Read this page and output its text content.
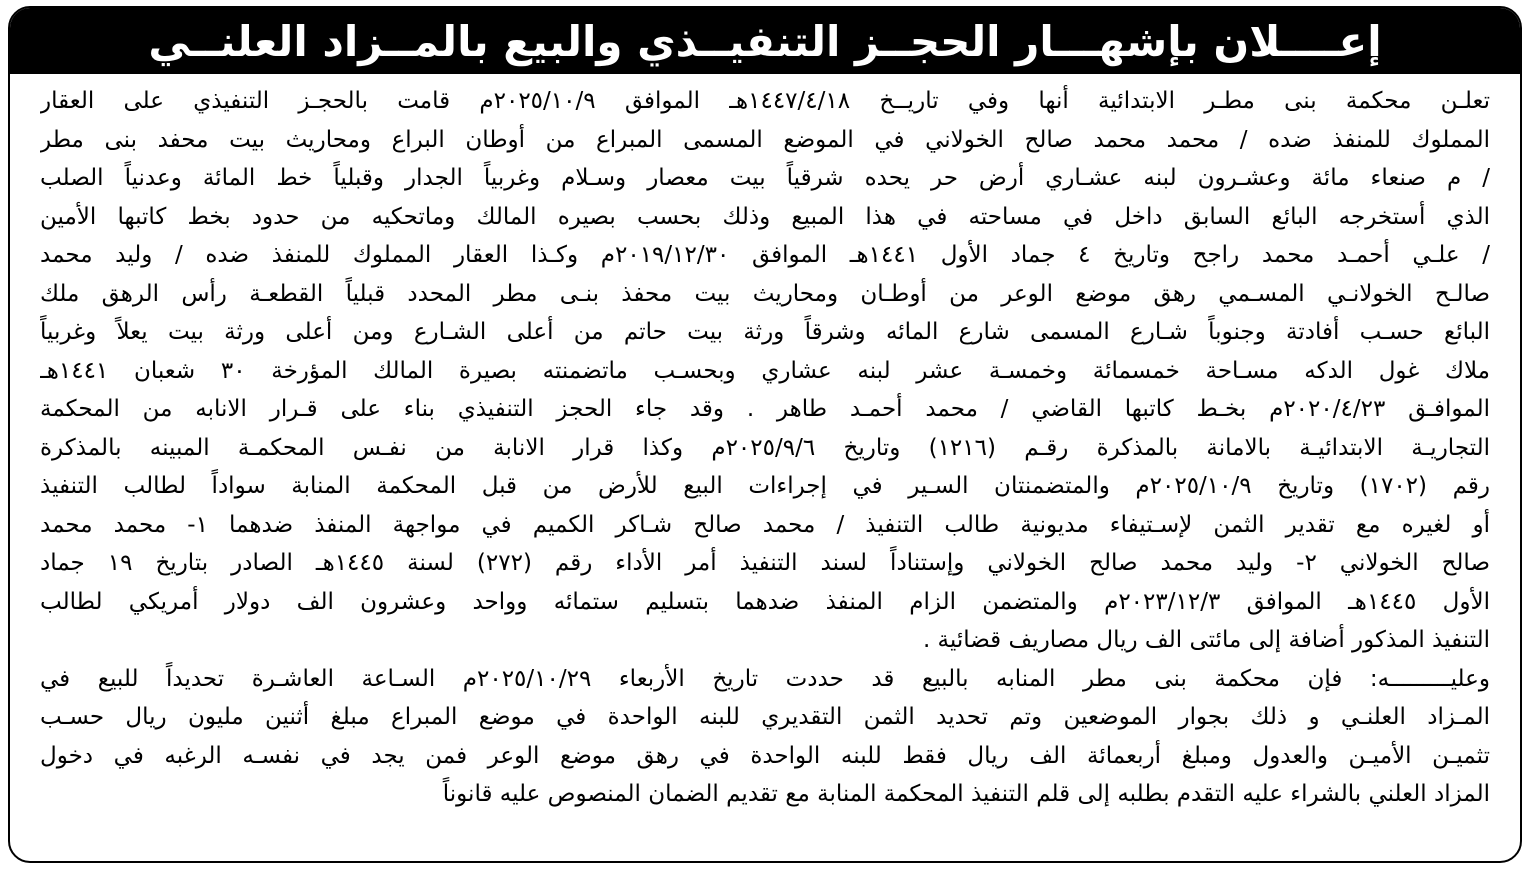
إعــــلان بإشهـــار الحجــز التنفيــذي والبيع بالمــزاد العلنــي
تعلـن محكمة بنى مطـر الابتدائية أنها وفي تاريــخ ١٤٤٧/٤/١٨هـ الموافق ٢٠٢٥/١٠/٩م قامت بالحجـز التنفيذي على العقار
المملوك للمنفذ ضده / محمد محمد صالح الخولاني في الموضع المسمى المبراع من أوطان البراع ومحاريث بيت محفد بنى مطر
/ م صنعاء مائة وعشـرون لبنه عشـاري أرض حر يحده شرقياً بيت معصار وسـلام وغربياً الجدار وقبلياً خط المائة وعدنياً الصلب
الذي أستخرجه البائع السابق داخل في مساحته في هذا المبيع وذلك بحسب بصيره المالك وماتحكيه من حدود بخط كاتبها الأمين
/ علـي أحمـد محمد راجح وتاريخ ٤ جماد الأول ١٤٤١هـ الموافق ٢٠١٩/١٢/٣٠م وكـذا العقار المملوك للمنفذ ضده / وليد محمد
صالـح الخولانـي المسـمي رهق موضع الوعر من أوطـان ومحاريث بيت محفذ بنـى مطر المحدد قبلياً القطعـة رأس الرهق ملك
البائع حسـب أفادتة وجنوباً شـارع المسمى شارع المائه وشرقاً ورثة بيت حاتم من أعلى الشـارع ومن أعلى ورثة بيت يعلاً وغربياً
ملاك غول الدكه مسـاحة خمسمائة وخمسـة عشر لبنه عشاري وبحسـب ماتضمنته بصيرة المالك المؤرخة ٣٠ شعبان ١٤٤١هـ
الموافـق ٢٠٢٠/٤/٢٣م بخـط كاتبها القاضي / محمد أحمـد طاهر . وقد جاء الحجز التنفيذي بناء على قـرار الانابه من المحكمة
التجاريـة الابتدائيـة بالامانة بالمذكرة رقـم (١٢١٦) وتاريخ ٢٠٢٥/٩/٦م وكذا قرار الانابة من نفـس المحكمـة المبينه بالمذكرة
رقم (١٧٠٢) وتاريخ ٢٠٢٥/١٠/٩م والمتضمنتان السـير في إجراءات البيع للأرض من قبل المحكمة المنابة سواداً لطالب التنفيذ
أو لغيره مع تقدير الثمن لإسـتيفاء مديونية طالب التنفيذ / محمد صالح شـاكر الكميم في مواجهة المنفذ ضدهما ١- محمد محمد
صالح الخولاني ٢- وليد محمد صالح الخولاني وإستناداً لسند التنفيذ أمر الأداء رقم (٢٧٢) لسنة ١٤٤٥هـ الصادر بتاريخ ١٩ جماد
الأول ١٤٤٥هـ الموافق ٢٠٢٣/١٢/٣م والمتضمن الزام المنفذ ضدهما بتسليم ستمائه وواحد وعشرون الف دولار أمريكي لطالب
التنفيذ المذكور أضافة إلى مائتى الف ريال مصاريف قضائية .
وعليـــــــــه: فإن محكمة بنى مطر المنابه بالبيع قد حددت تاريخ الأربعاء ٢٠٢٥/١٠/٢٩م السـاعة العاشـرة تحديداً للبيع في
المـزاد العلنـي و ذلك بجوار الموضعين وتم تحديد الثمن التقديري للبنه الواحدة في موضع المبراع مبلغ أثنين مليون ريال حسـب
تثميـن الأميـن والعدول ومبلغ أربعمائة الف ريال فقط للبنه الواحدة في رهق موضع الوعر فمن يجد في نفسـه الرغبه في دخول
المزاد العلني بالشراء عليه التقدم بطلبه إلى قلم التنفيذ المحكمة المنابة مع تقديم الضمان المنصوص عليه قانوناً
